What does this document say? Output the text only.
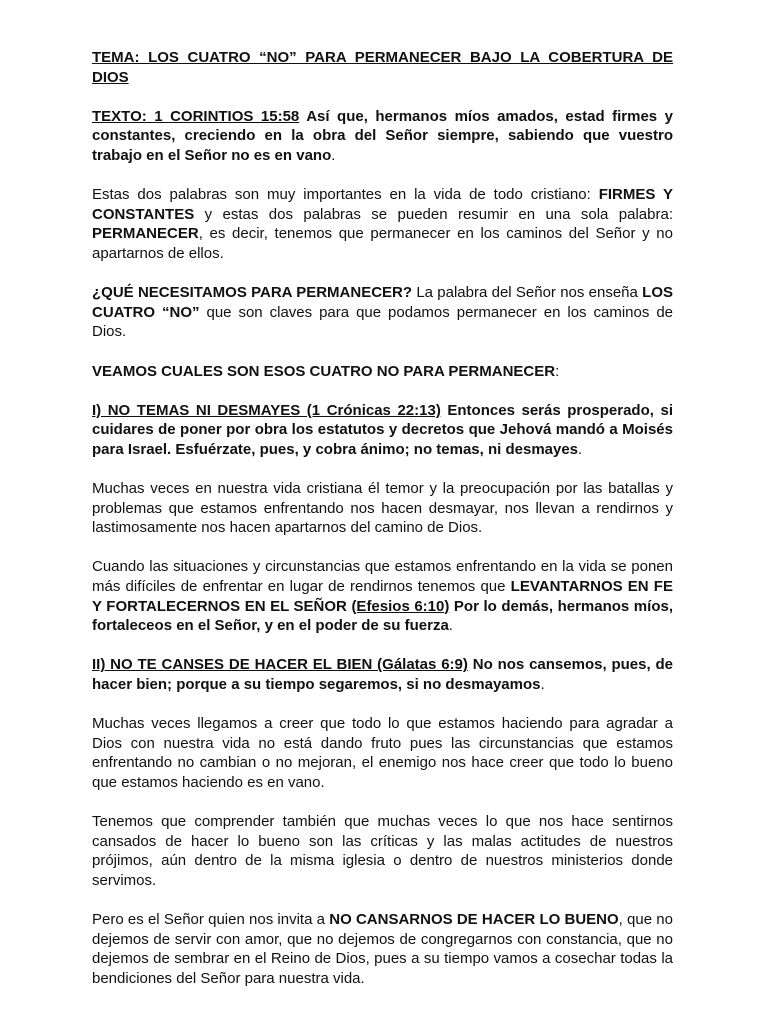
TEMA: LOS CUATRO “NO” PARA PERMANECER BAJO LA COBERTURA DE DIOS

TEXTO: 1 CORINTIOS 15:58 Así que, hermanos míos amados, estad firmes y constantes, creciendo en la obra del Señor siempre, sabiendo que vuestro trabajo en el Señor no es en vano.

Estas dos palabras son muy importantes en la vida de todo cristiano: FIRMES Y CONSTANTES y estas dos palabras se pueden resumir en una sola palabra: PERMANECER, es decir, tenemos que permanecer en los caminos del Señor y no apartarnos de ellos.

¿QUÉ NECESITAMOS PARA PERMANECER? La palabra del Señor nos enseña LOS CUATRO “NO” que son claves para que podamos permanecer en los caminos de Dios.

VEAMOS CUALES SON ESOS CUATRO NO PARA PERMANECER:

I) NO TEMAS NI DESMAYES (1 Crónicas 22:13) Entonces serás prosperado, si cuidares de poner por obra los estatutos y decretos que Jehová mandó a Moisés para Israel. Esfuérzate, pues, y cobra ánimo; no temas, ni desmayes.

Muchas veces en nuestra vida cristiana él temor y la preocupación por las batallas y problemas que estamos enfrentando nos hacen desmayar, nos llevan a rendirnos y lastimosamente nos hacen apartarnos del camino de Dios.

Cuando las situaciones y circunstancias que estamos enfrentando en la vida se ponen más difíciles de enfrentar en lugar de rendirnos tenemos que LEVANTARNOS EN FE Y FORTALECERNOS EN EL SEÑOR (Efesios 6:10) Por lo demás, hermanos míos, fortaleceos en el Señor, y en el poder de su fuerza.

II) NO TE CANSES DE HACER EL BIEN (Gálatas 6:9) No nos cansemos, pues, de hacer bien; porque a su tiempo segaremos, si no desmayamos.

Muchas veces llegamos a creer que todo lo que estamos haciendo para agradar a Dios con nuestra vida no está dando fruto pues las circunstancias que estamos enfrentando no cambian o no mejoran, el enemigo nos hace creer que todo lo bueno que estamos haciendo es en vano.

Tenemos que comprender también que muchas veces lo que nos hace sentirnos cansados de hacer lo bueno son las críticas y las malas actitudes de nuestros prójimos, aún dentro de la misma iglesia o dentro de nuestros ministerios donde servimos.

Pero es el Señor quien nos invita a NO CANSARNOS DE HACER LO BUENO, que no dejemos de servir con amor, que no dejemos de congregarnos con constancia, que no dejemos de sembrar en el Reino de Dios, pues a su tiempo vamos a cosechar todas la bendiciones del Señor para nuestra vida.
